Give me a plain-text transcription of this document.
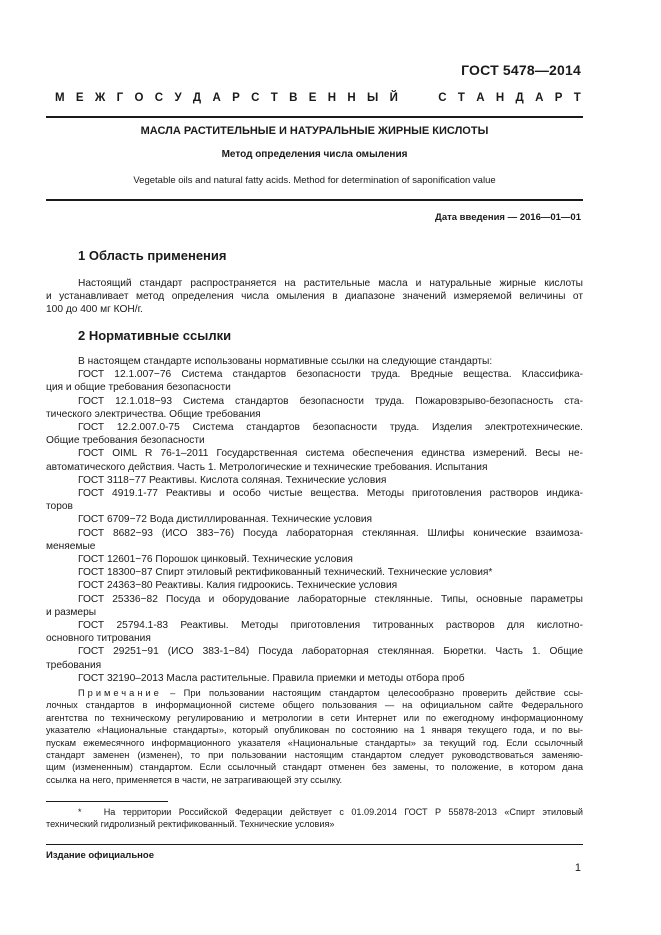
ГОСТ 5478—2014
М Е Ж Г О С У Д А Р С Т В Е Н Н Ы Й

	С Т А Н Д А Р Т
МАСЛА РАСТИТЕЛЬНЫЕ И НАТУРАЛЬНЫЕ ЖИРНЫЕ КИСЛОТЫ
Метод определения числа омыления
Vegetable oils and natural fatty acids. Method for determination of saponification value
Дата введения — 2016—01—01
1 Область применения
Настоящий стандарт распространяется на растительные масла и натуральные жирные кислоты
и устанавливает метод определения числа омыления в диапазоне значений измеряемой величины от
100 до 400 мг КОН/г.
2 Нормативные ссылки
В настоящем стандарте использованы нормативные ссылки на следующие стандарты:
ГОСТ 12.1.007−76 Система стандартов безопасности труда. Вредные вещества. Классифика-
ция и общие требования безопасности
ГОСТ 12.1.018−93 Система стандартов безопасности труда. Пожаровзрыво-безопасность ста-
тического электричества. Общие требования
ГОСТ 12.2.007.0-75 Система стандартов безопасности труда. Изделия электротехнические.
Общие требования безопасности
ГОСТ OIML R 76-1–2011 Государственная система обеспечения единства измерений. Весы не-
автоматического действия. Часть 1. Метрологические и технические требования. Испытания
ГОСТ 3118−77 Реактивы. Кислота соляная. Технические условия
ГОСТ 4919.1-77 Реактивы и особо чистые вещества. Методы приготовления растворов индика-
торов
ГОСТ 6709−72 Вода дистиллированная. Технические условия
ГОСТ 8682−93 (ИСО 383−76) Посуда лабораторная стеклянная. Шлифы конические взаимоза-
меняемые
ГОСТ 12601−76 Порошок цинковый. Технические условия
ГОСТ 18300−87 Спирт этиловый ректификованный технический. Технические условия*
ГОСТ 24363−80 Реактивы. Калия гидроокись. Технические условия
ГОСТ 25336−82 Посуда и оборудование лабораторные стеклянные. Типы, основные параметры
и размеры
ГОСТ 25794.1-83 Реактивы. Методы приготовления титрованных растворов для кислотно-
основного титрования
ГОСТ 29251−91 (ИСО 383-1−84) Посуда лабораторная стеклянная. Бюретки. Часть 1. Общие
требования
ГОСТ 32190–2013 Масла растительные. Правила приемки и методы отбора проб
Примечание – При пользовании настоящим стандартом целесообразно проверить действие ссы-
лочных стандартов в информационной системе общего пользования — на официальном сайте Федерального
агентства по техническому регулированию и метрологии в сети Интернет или по ежегодному информационному
указателю «Национальные стандарты», который опубликован по состоянию на 1 января текущего года, и по вы-
пускам ежемесячного информационного указателя «Национальные стандарты» за текущий год. Если ссылочный
стандарт заменен (изменен), то при пользовании настоящим стандартом следует руководствоваться заменяю-
щим (измененным) стандартом. Если ссылочный стандарт отменен без замены, то положение, в котором дана
ссылка на него, применяется в части, не затрагивающей эту ссылку.
*   На территории Российской Федерации действует с 01.09.2014 ГОСТ Р 55878-2013 «Спирт этиловый
технический гидролизный ректификованный. Технические условия»
Издание официальное
1
